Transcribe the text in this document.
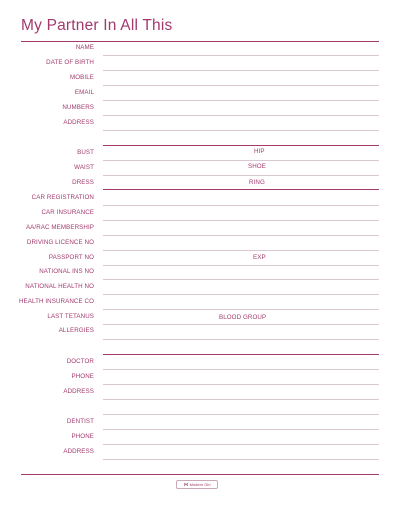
My Partner In All This
NAME
DATE OF BIRTH
MOBILE
EMAIL
NUMBERS
ADDRESS
BUST	HIP
WAIST	SHOE
DRESS	RING
CAR REGISTRATION
CAR INSURANCE
AA/RAC MEMBERSHIP
DRIVING LICENCE NO
PASSPORT NO	EXP
NATIONAL INS NO
NATIONAL HEALTH NO
HEALTH INSURANCE CO
LAST TETANUS	BLOOD GROUP
ALLERGIES
DOCTOR
PHONE
ADDRESS
DENTIST
PHONE
ADDRESS
⋈ Modern Girl
